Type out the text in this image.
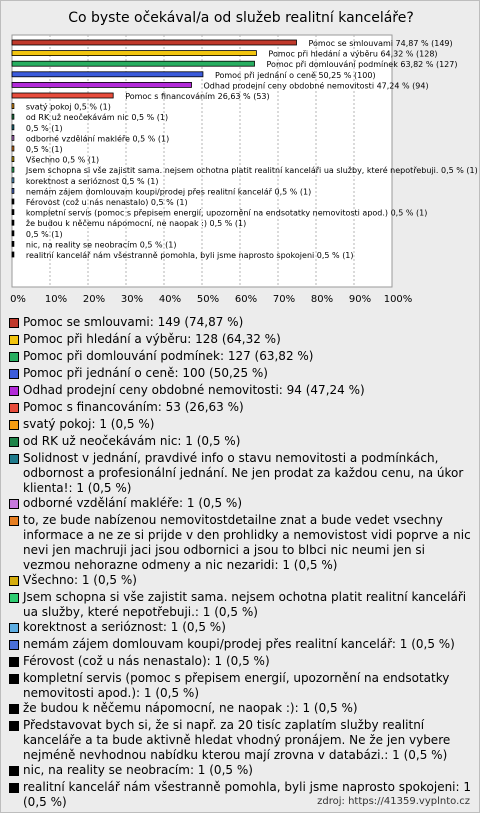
Co byste očekával/a od služeb realitní kanceláře?
0% 10% 20% 30% 40% 50% 60% 70% 80% 90% 100%
Pomoc se smlouvami 74,87 % (149)
Pomoc při hledání a výběru 64,32 % (128)
Pomoc při domlouvání podmínek 63,82 % (127)
Pomoc při jednání o ceně 50,25 % (100)
Odhad prodejní ceny obdobné nemovitosti 47,24 % (94)
Pomoc s financováním 26,63 % (53)
svatý pokoj 0,5 % (1)
od RK už neočekávám nic 0,5 % (1)
0,5 % (1)
odborné vzdělání makléře 0,5 % (1)
0,5 % (1)
Všechno 0,5 % (1)
Jsem schopna si vše zajistit sama. nejsem ochotna platit realitní kanceláři ua služby, které nepotřebuji. 0,5 % (1)
korektnost a serióznost 0,5 % (1)
nemám zájem domlouvam koupi/prodej přes realitní kancelář 0,5 % (1)
Férovost (což u nás nenastalo) 0,5 % (1)
kompletní servis (pomoc s přepisem energií, upozornění na endsotatky nemovitosti apod.) 0,5 % (1)
že budou k něčemu nápomocní, ne naopak :) 0,5 % (1)
0,5 % (1)
nic, na reality se neobracím 0,5 % (1)
realitní kancelář nám všestranně pomohla, byli jsme naprosto spokojeni 0,5 % (1)
Pomoc se smlouvami: 149 (74,87 %)
Pomoc při hledání a výběru: 128 (64,32 %)
Pomoc při domlouvání podmínek: 127 (63,82 %)
Pomoc při jednání o ceně: 100 (50,25 %)
Odhad prodejní ceny obdobné nemovitosti: 94 (47,24 %)
Pomoc s financováním: 53 (26,63 %)
svatý pokoj: 1 (0,5 %)
od RK už neočekávám nic: 1 (0,5 %)
Solidnost v jednání, pravdivé info o stavu nemovitosti a podmínkách, odbornost a profesionální jednání. Ne jen prodat za každou cenu, na úkor klienta!: 1 (0,5 %)
odborné vzdělání makléře: 1 (0,5 %)
to, ze bude nabízenou nemovitostdetailne znat a bude vedet vsechny informace a ne ze si prijde v den prohlidky a nemovistost vidi poprve a nic nevi jen machruji jaci jsou odbornici a jsou to blbci nic neumi jen si vezmou nehorazne odmeny a nic nezaridi: 1 (0,5 %)
Všechno: 1 (0,5 %)
Jsem schopna si vše zajistit sama. nejsem ochotna platit realitní kanceláři ua služby, které nepotřebuji.: 1 (0,5 %)
korektnost a serióznost: 1 (0,5 %)
nemám zájem domlouvam koupi/prodej přes realitní kancelář: 1 (0,5 %)
Férovost (což u nás nenastalo): 1 (0,5 %)
kompletní servis (pomoc s přepisem energií, upozornění na endsotatky nemovitosti apod.): 1 (0,5 %)
že budou k něčemu nápomocní, ne naopak :): 1 (0,5 %)
Představovat bych si, že si např. za 20 tisíc zaplatím služby realitní kanceláře a ta bude aktivně hledat vhodný pronájem. Ne že jen vybere nejméně nevhodnou nabídku kterou mají zrovna v databázi.: 1 (0,5 %)
nic, na reality se neobracím: 1 (0,5 %)
realitní kancelář nám všestranně pomohla, byli jsme naprosto spokojeni: 1 (0,5 %)	zdroj: https://41359.vyplnto.cz
